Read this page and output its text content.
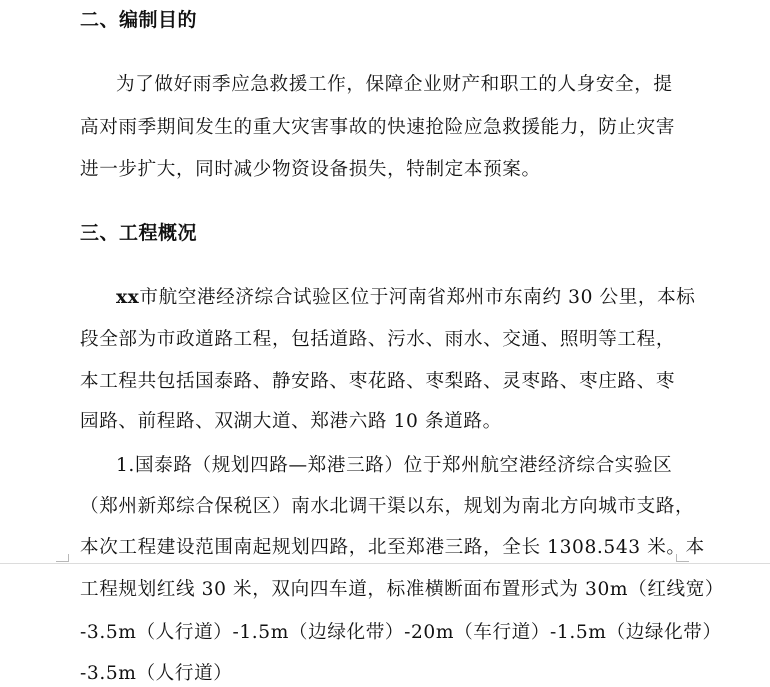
二、编制目的
为了做好雨季应急救援工作，保障企业财产和职工的人身安全，提
高对雨季期间发生的重大灾害事故的快速抢险应急救援能力，防止灾害
进一步扩大，同时减少物资设备损失，特制定本预案。
三、工程概况
xx市航空港经济综合试验区位于河南省郑州市东南约 30 公里，本标
段全部为市政道路工程，包括道路、污水、雨水、交通、照明等工程，
本工程共包括国泰路、静安路、枣花路、枣梨路、灵枣路、枣庄路、枣
园路、前程路、双湖大道、郑港六路 10 条道路。
1.国泰路（规划四路—郑港三路）位于郑州航空港经济综合实验区
（郑州新郑综合保税区）南水北调干渠以东，规划为南北方向城市支路，
本次工程建设范围南起规划四路，北至郑港三路，全长 1308.543 米。本
工程规划红线 30 米，双向四车道，标准横断面布置形式为 30m（红线宽）
-3.5m（人行道）-1.5m（边绿化带）-20m（车行道）-1.5m（边绿化带）
-3.5m（人行道）
